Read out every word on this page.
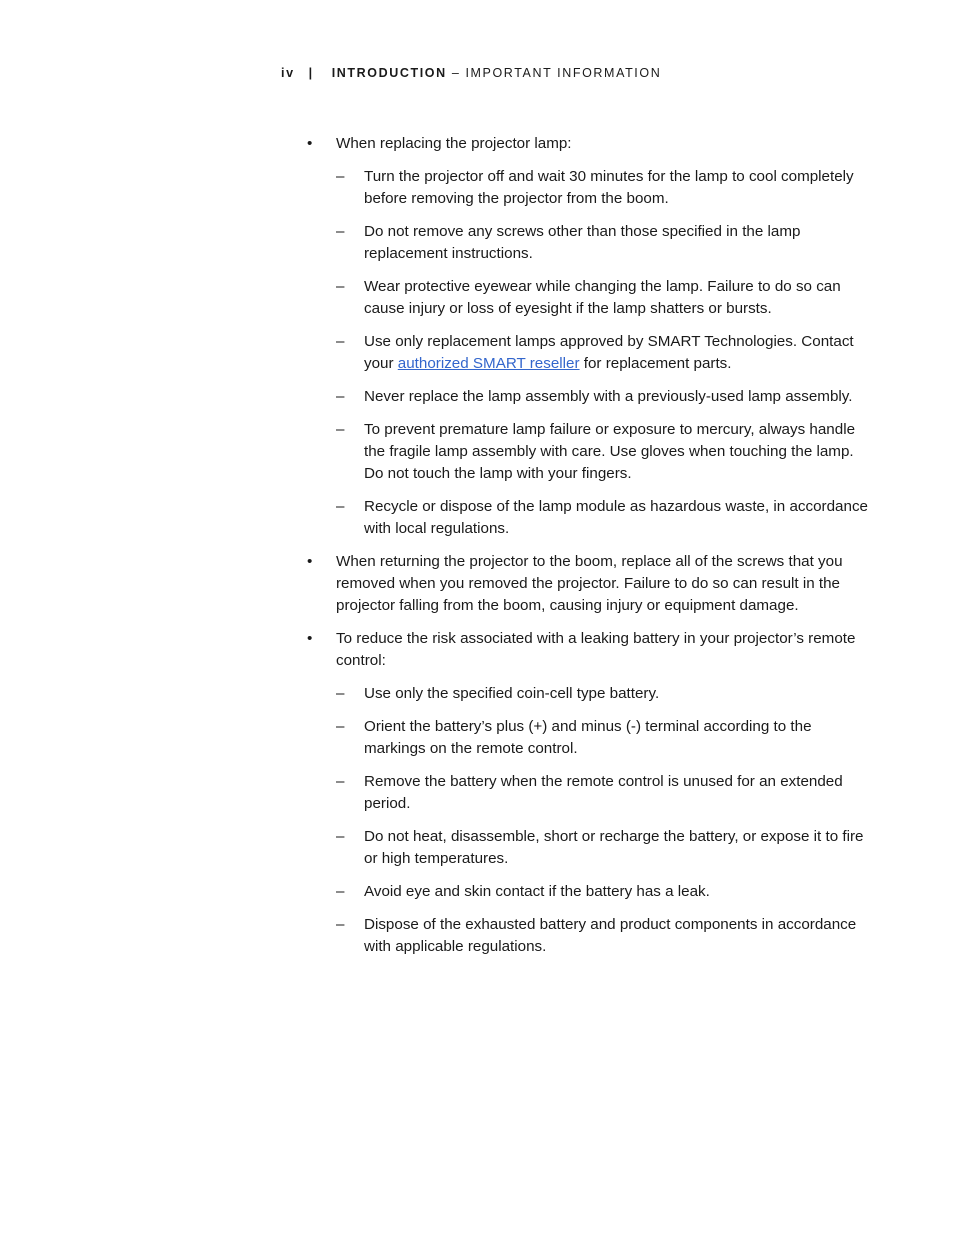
iv | INTRODUCTION – IMPORTANT INFORMATION
•	When replacing the projector lamp:
– Turn the projector off and wait 30 minutes for the lamp to cool completely before removing the projector from the boom.
– Do not remove any screws other than those specified in the lamp replacement instructions.
– Wear protective eyewear while changing the lamp. Failure to do so can cause injury or loss of eyesight if the lamp shatters or bursts.
– Use only replacement lamps approved by SMART Technologies. Contact your authorized SMART reseller for replacement parts.
– Never replace the lamp assembly with a previously-used lamp assembly.
– To prevent premature lamp failure or exposure to mercury, always handle the fragile lamp assembly with care. Use gloves when touching the lamp. Do not touch the lamp with your fingers.
– Recycle or dispose of the lamp module as hazardous waste, in accordance with local regulations.
•	When returning the projector to the boom, replace all of the screws that you removed when you removed the projector. Failure to do so can result in the projector falling from the boom, causing injury or equipment damage.
•	To reduce the risk associated with a leaking battery in your projector’s remote control:
– Use only the specified coin-cell type battery.
– Orient the battery’s plus (+) and minus (-) terminal according to the markings on the remote control.
– Remove the battery when the remote control is unused for an extended period.
– Do not heat, disassemble, short or recharge the battery, or expose it to fire or high temperatures.
– Avoid eye and skin contact if the battery has a leak.
– Dispose of the exhausted battery and product components in accordance with applicable regulations.
